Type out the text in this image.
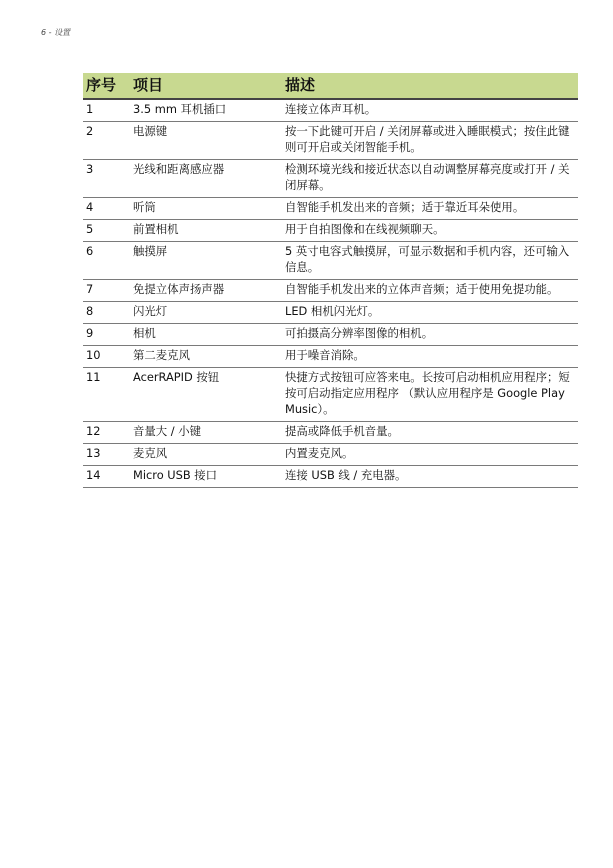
6 - 设置
序号	项目	描述
1	3.5 mm 耳机插口	连接立体声耳机。
2	电源键	按一下此键可开启 / 关闭屏幕或进入睡眠模式；按住此键则可开启或关闭智能手机。
3	光线和距离感应器	检测环境光线和接近状态以自动调整屏幕亮度或打开 / 关闭屏幕。
4	听筒	自智能手机发出来的音频；适于靠近耳朵使用。
5	前置相机	用于自拍图像和在线视频聊天。
6	触摸屏	5 英寸电容式触摸屏，可显示数据和手机内容，还可输入信息。
7	免提立体声扬声器	自智能手机发出来的立体声音频；适于使用免提功能。
8	闪光灯	LED 相机闪光灯。
9	相机	可拍摄高分辨率图像的相机。
10	第二麦克风	用于噪音消除。
11	AcerRAPID 按钮	快捷方式按钮可应答来电。长按可启动相机应用程序；短按可启动指定应用程序 （默认应用程序是 Google Play Music）。
12	音量大 / 小键	提高或降低手机音量。
13	麦克风	内置麦克风。
14	Micro USB 接口	连接 USB 线 / 充电器。
